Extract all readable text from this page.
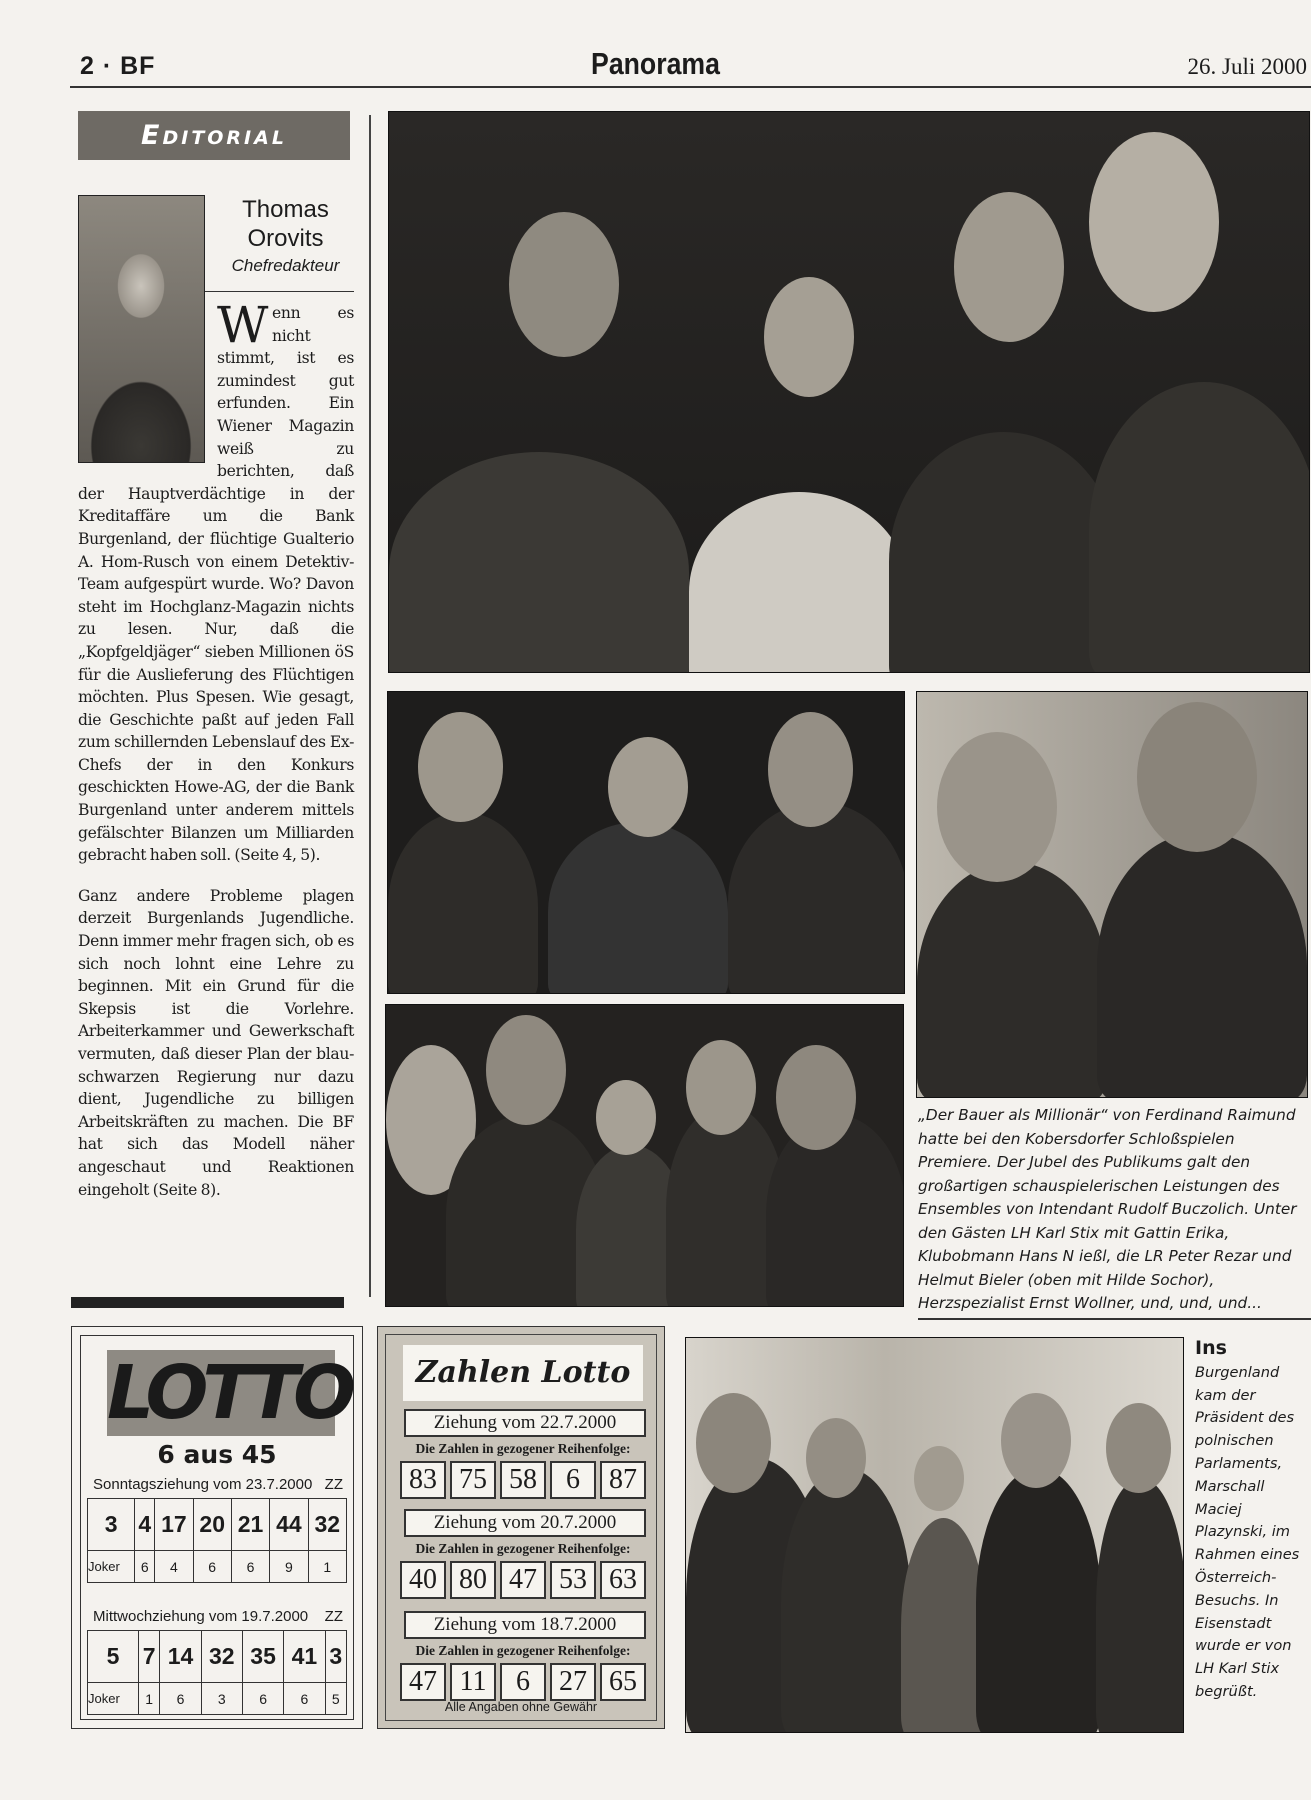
2 · BF	Panorama	26. Juli 2000
Editorial
Thomas
Orovits
Chefredakteur

Wenn es nicht stimmt, ist es zumindest gut erfunden. Ein Wiener Magazin weiß zu berichten, daß der Hauptverdächtige in der Kreditaffäre um die Bank Burgenland, der flüchtige Gualterio A. Hom-Rusch von einem Detektiv-Team aufgespürt wurde. Wo? Davon steht im Hochglanz-Magazin nichts zu lesen. Nur, daß die „Kopfgeldjäger“ sieben Millionen öS für die Auslieferung des Flüchtigen möchten. Plus Spesen. Wie gesagt, die Geschichte paßt auf jeden Fall zum schillernden Lebenslauf des Ex-Chefs der in den Konkurs geschickten Howe-AG, der die Bank Burgenland unter anderem mittels gefälschter Bilanzen um Milliarden gebracht haben soll. (Seite 4, 5).

Ganz andere Probleme plagen derzeit Burgenlands Jugendliche. Denn immer mehr fragen sich, ob es sich noch lohnt eine Lehre zu beginnen. Mit ein Grund für die Skepsis ist die Vorlehre. Arbeiterkammer und Gewerkschaft vermuten, daß dieser Plan der blau-schwarzen Regierung nur dazu dient, Jugendliche zu billigen Arbeitskräften zu machen. Die BF hat sich das Modell näher angeschaut und Reaktionen eingeholt (Seite 8).

„Der Bauer als Millionär“ von Ferdinand Raimund hatte bei den Kobersdorfer Schloßspielen Premiere. Der Jubel des Publikums galt den großartigen schauspielerischen Leistungen des Ensembles von Intendant Rudolf Buczolich. Unter den Gästen LH Karl Stix mit Gattin Erika, Klubobmann Hans N ießl, die LR Peter Rezar und Helmut Bieler (oben mit Hilde Sochor), Herzspezialist Ernst Wollner, und, und, und...
LOTTO
6 aus 45
Sonntagsziehung vom 23.7.2000 ZZ
3	4	17	20	21	44	32
Joker	6	4	6	6	9	1
Mittwochziehung vom 19.7.2000 ZZ
5	7	14	32	35	41	3
Joker	1	6	3	6	6	5
Zahlen Lotto
Ziehung vom 22.7.2000
Die Zahlen in gezogener Reihenfolge:
83 75 58	6	87
Ziehung vom 20.7.2000
Die Zahlen in gezogener Reihenfolge:
40 80 47 53 63
Ziehung vom 18.7.2000
Die Zahlen in gezogener Reihenfolge:
47 11	6	27 65
Alle Angaben ohne Gewähr
Ins Burgenland kam der Präsident des polnischen Parlaments, Marschall Maciej Plazynski, im Rahmen eines Österreich-Besuchs. In Eisenstadt wurde er von LH Karl Stix begrüßt.
